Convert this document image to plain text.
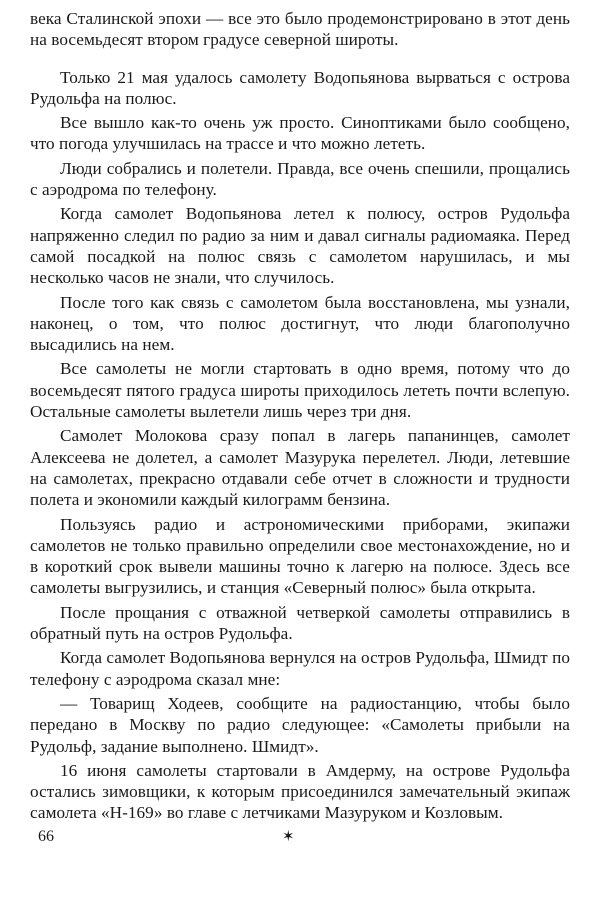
века Сталинской эпохи — все это было продемонстрировано в этот день на восемьдесят втором градусе северной широты.

Только 21 мая удалось самолету Водопьянова вырваться с острова Рудольфа на полюс.

Все вышло как-то очень уж просто. Синоптиками было сообщено, что погода улучшилась на трассе и что можно лететь.

Люди собрались и полетели. Правда, все очень спешили, прощались с аэродрома по телефону.

Когда самолет Водопьянова летел к полюсу, остров Рудольфа напряженно следил по радио за ним и давал сигналы радиомаяка. Перед самой посадкой на полюс связь с самолетом нарушилась, и мы несколько часов не знали, что случилось.

После того как связь с самолетом была восстановлена, мы узнали, наконец, о том, что полюс достигнут, что люди благополучно высадились на нем.

Все самолеты не могли стартовать в одно время, потому что до восемьдесят пятого градуса широты приходилось лететь почти вслепую. Остальные самолеты вылетели лишь через три дня.

Самолет Молокова сразу попал в лагерь папанинцев, самолет Алексеева не долетел, а самолет Мазурука перелетел. Люди, летевшие на самолетах, прекрасно отдавали себе отчет в сложности и трудности полета и экономили каждый килограмм бензина.

Пользуясь радио и астрономическими приборами, экипажи самолетов не только правильно определили свое местонахождение, но и в короткий срок вывели машины точно к лагерю на полюсе. Здесь все самолеты выгрузились, и станция «Северный полюс» была открыта.

После прощания с отважной четверкой самолеты отправились в обратный путь на остров Рудольфа.

Когда самолет Водопьянова вернулся на остров Рудольфа, Шмидт по телефону с аэродрома сказал мне:

— Товарищ Ходеев, сообщите на радиостанцию, чтобы было передано в Москву по радио следующее: «Самолеты прибыли на Рудольф, задание выполнено. Шмидт».

16 июня самолеты стартовали в Амдерму, на острове Рудольфа остались зимовщики, к которым присоединился замечательный экипаж самолета «Н-169» во главе с летчиками Мазуруком и Козловым.

66	✶
